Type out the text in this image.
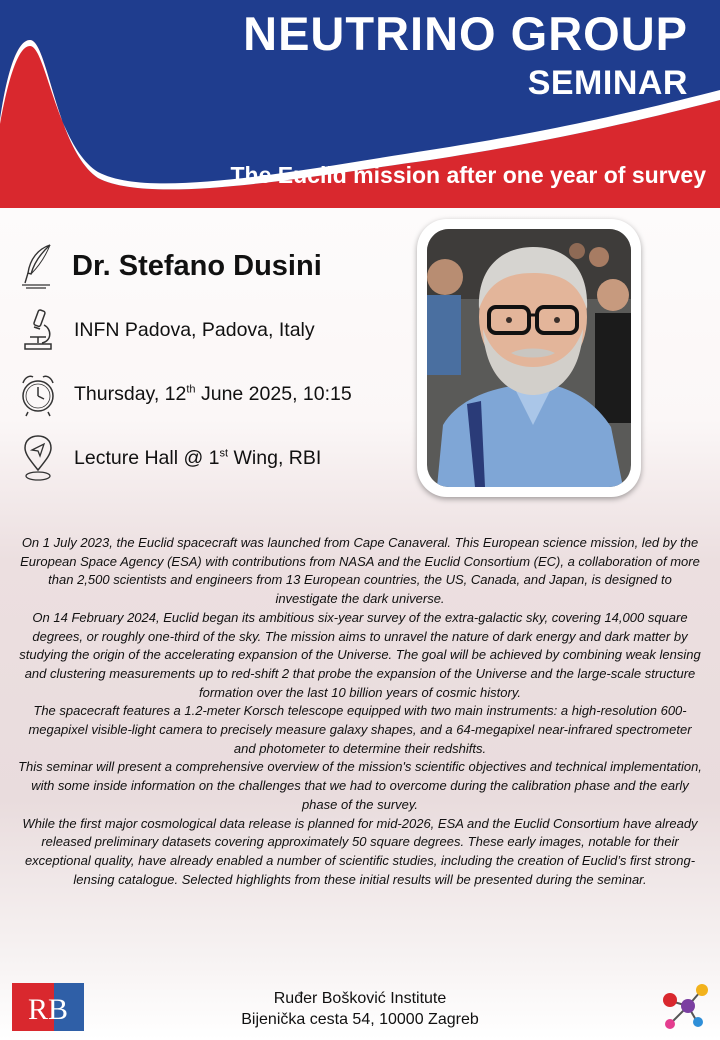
NEUTRINO GROUP
SEMINAR
The Euclid mission after one year of survey
Dr. Stefano Dusini
INFN Padova, Padova, Italy
Thursday, 12th June 2025, 10:15
Lecture Hall @ 1st Wing, RBI

On 1 July 2023, the Euclid spacecraft was launched from Cape Canaveral. This European science mission, led by the European Space Agency (ESA) with contributions from NASA and the Euclid Consortium (EC), a collaboration of more than 2,500 scientists and engineers from 13 European countries, the US, Canada, and Japan, is designed to investigate the dark universe.

On 14 February 2024, Euclid began its ambitious six-year survey of the extra-galactic sky, covering 14,000 square degrees, or roughly one-third of the sky. The mission aims to unravel the nature of dark energy and dark matter by studying the origin of the accelerating expansion of the Universe. The goal will be achieved by combining weak lensing and clustering measurements up to red-shift 2 that probe the expansion of the Universe and the large-scale structure formation over the last 10 billion years of cosmic history.

The spacecraft features a 1.2-meter Korsch telescope equipped with two main instruments: a high-resolution 600-megapixel visible-light camera to precisely measure galaxy shapes, and a 64-megapixel near-infrared spectrometer and photometer to determine their redshifts.

This seminar will present a comprehensive overview of the mission's scientific objectives and technical implementation, with some inside information on the challenges that we had to overcome during the calibration phase and the early phase of the survey.

While the first major cosmological data release is planned for mid-2026, ESA and the Euclid Consortium have already released preliminary datasets covering approximately 50 square degrees. These early images, notable for their exceptional quality, have already enabled a number of scientific studies, including the creation of Euclid’s first strong-lensing catalogue. Selected highlights from these initial results will be presented during the seminar.

RB	Ruđer Bošković Institute
Bijenička cesta 54, 10000 Zagreb
